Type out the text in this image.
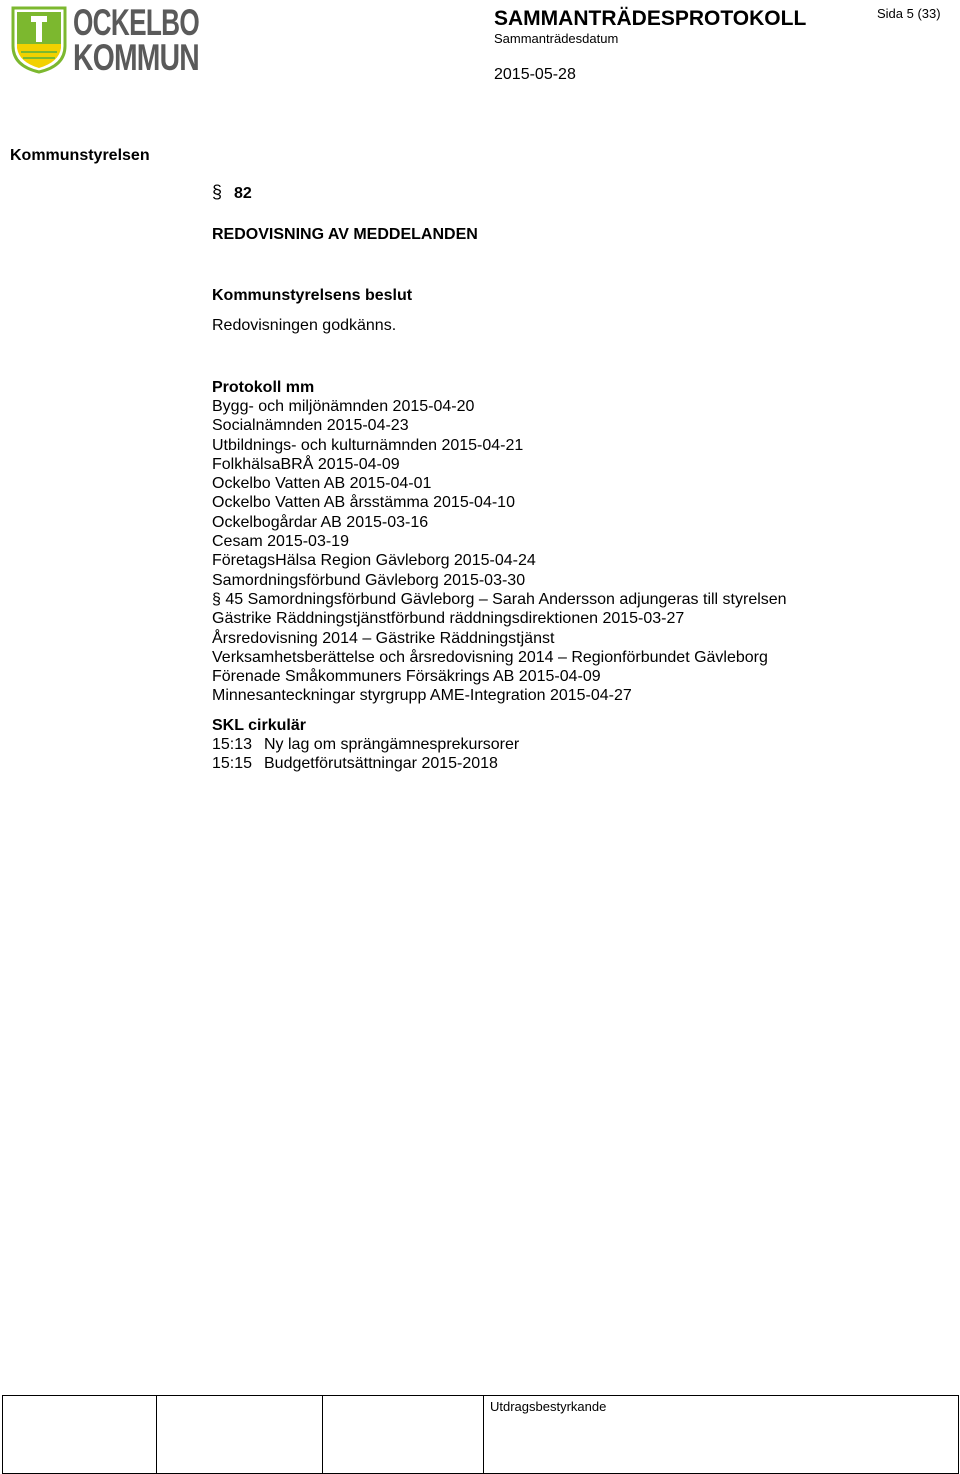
OCKELBO
KOMMUN
SAMMANTRÄDESPROTOKOLL	Sida 5 (33)
Sammanträdesdatum
2015-05-28
Kommunstyrelsen
§ 82
REDOVISNING AV MEDDELANDEN
Kommunstyrelsens beslut
Redovisningen godkänns.
Protokoll mm
Bygg- och miljönämnden 2015-04-20
Socialnämnden 2015-04-23
Utbildnings- och kulturnämnden 2015-04-21
FolkhälsaBRÅ 2015-04-09
Ockelbo Vatten AB 2015-04-01
Ockelbo Vatten AB årsstämma 2015-04-10
Ockelbogårdar AB 2015-03-16
Cesam 2015-03-19
FöretagsHälsa Region Gävleborg 2015-04-24
Samordningsförbund Gävleborg 2015-03-30
§ 45 Samordningsförbund Gävleborg – Sarah Andersson adjungeras till styrelsen
Gästrike Räddningstjänstförbund räddningsdirektionen 2015-03-27
Årsredovisning 2014 – Gästrike Räddningstjänst
Verksamhetsberättelse och årsredovisning 2014 – Regionförbundet Gävleborg
Förenade Småkommuners Försäkrings AB 2015-04-09
Minnesanteckningar styrgrupp AME-Integration 2015-04-27
SKL cirkulär
15:13 Ny lag om sprängämnesprekursorer
15:15 Budgetförutsättningar 2015-2018
Utdragsbestyrkande
